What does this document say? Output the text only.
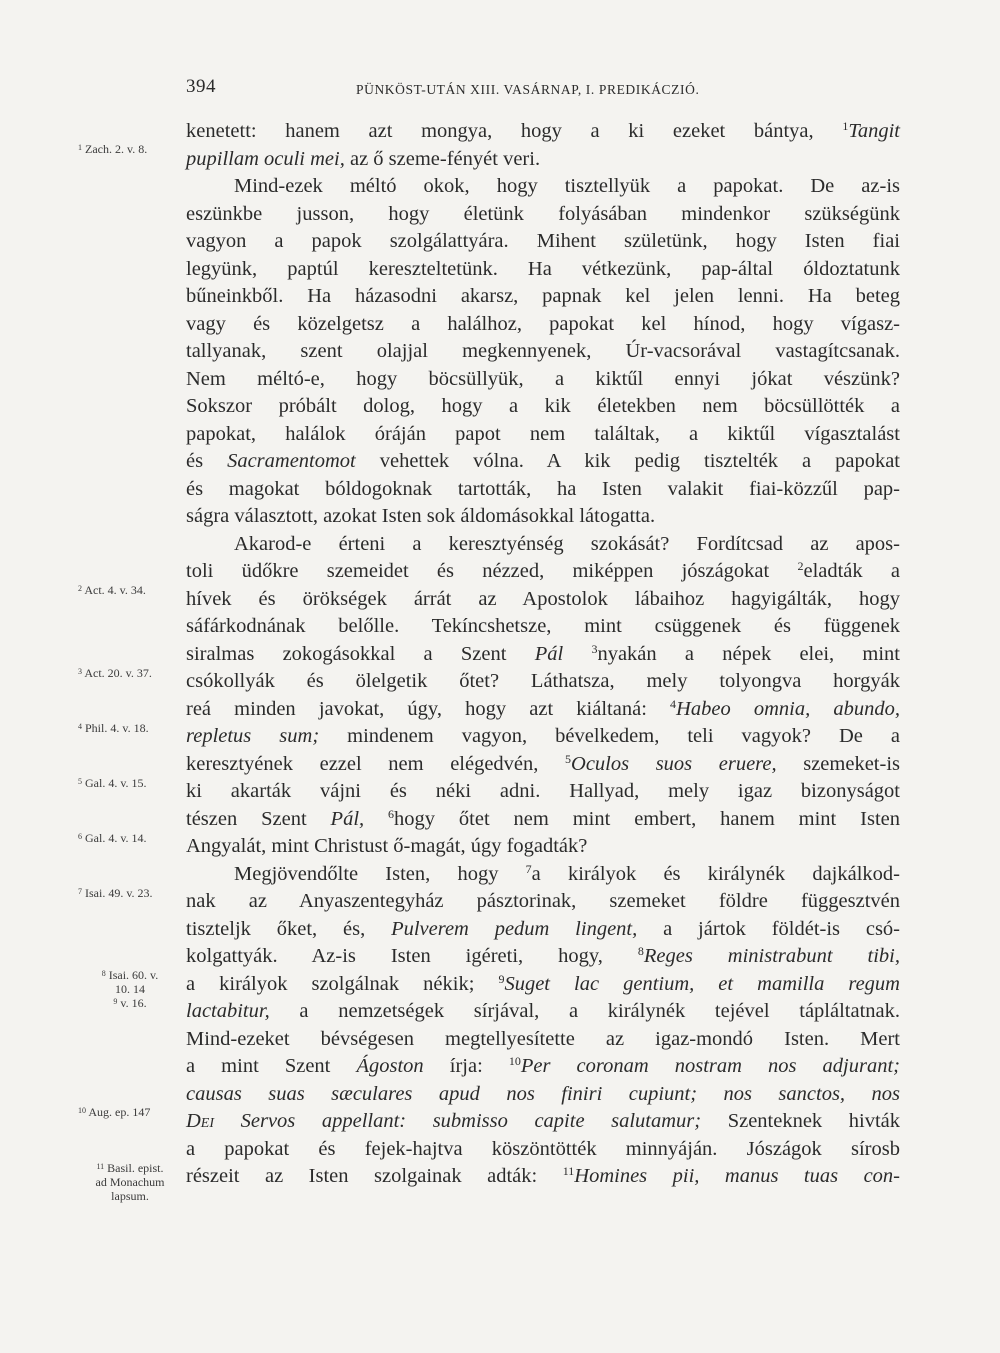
394	PÜNKÖST-UTÁN XIII. VASÁRNAP, I. PREDIKÁCZIÓ.
$^1$ Zach. 2. v. 8.
$^2$ Act. 4. v. 34.
$^3$ Act. 20. v. 37.
$^4$ Phil. 4. v. 18.
$^5$ Gal. 4. v. 15.
$^6$ Gal. 4. v. 14.
$^7$ Isai. 49. v. 23.
$^8$ Isai. 60. v.
10. 14
$^9$ v. 16.
$^{10}$ Aug. ep. 147
$^{11}$ Basil. epist.
ad Monachum
lapsum.
kenetett: hanem azt mongya, hogy a ki ezeket bántya, $^1$Tangit
pupillam oculi mei, az ő szeme-fényét veri.
Mind-ezek méltó okok, hogy tisztellyük a papokat. De az-is
eszünkbe jusson, hogy életünk folyásában mindenkor szükségünk
vagyon a papok szolgálattyára. Mihent születünk, hogy Isten fiai
legyünk, paptúl kereszteltetünk. Ha vétkezünk, pap-által óldoztatunk
bűneinkből. Ha házasodni akarsz, papnak kel jelen lenni. Ha beteg
vagy és közelgetsz a halálhoz, papokat kel hínod, hogy vígasz-
tallyanak, szent olajjal megkennyenek, Úr-vacsorával vastagítcsanak.
Nem méltó-e, hogy böcsüllyük, a kiktűl ennyi jókat vészünk?
Sokszor próbált dolog, hogy a kik életekben nem böcsüllötték a
papokat, halálok óráján papot nem találtak, a kiktűl vígasztalást
és Sacramentomot vehettek vólna. A kik pedig tisztelték a papokat
és magokat bóldogoknak tartották, ha Isten valakit fiai-közzűl pap-
ságra választott, azokat Isten sok áldomásokkal látogatta.
Akarod-e érteni a keresztyénség szokását? Fordítcsad az apos-
toli üdőkre szemeidet és nézzed, miképpen jószágokat $^2$eladták a
hívek és örökségek árrát az Apostolok lábaihoz hagyigálták, hogy
sáfárkodnának belőlle. Tekíncshetsze, mint csüggenek és függenek
siralmas zokogásokkal a Szent Pál $^3$nyakán a népek elei, mint
csókollyák és ölelgetik őtet? Láthatsza, mely tolyongva horgyák
reá minden javokat, úgy, hogy azt kiáltaná: $^4$Habeo omnia, abundo,
repletus sum; mindenem vagyon, bévelkedem, teli vagyok? De a
keresztyének ezzel nem elégedvén, $^5$Oculos suos eruere, szemeket-is
ki akarták vájni és néki adni. Hallyad, mely igaz bizonyságot
tészen Szent Pál, $^6$hogy őtet nem mint embert, hanem mint Isten
Angyalát, mint Christust ő-magát, úgy fogadták?
Megjövendőlte Isten, hogy $^7$a királyok és királynék dajkálkod-
nak az Anyaszentegyház pásztorinak, szemeket földre függesztvén
tiszteljk őket, és, Pulverem pedum lingent, a jártok földét-is csó-
kolgattyák. Az-is Isten igéreti, hogy, $^8$Reges ministrabunt tibi,
a királyok szolgálnak nékik; $^9$Suget lac gentium, et mamilla regum
lactabitur, a nemzetségek sírjával, a királynék tejével tápláltatnak.
Mind-ezeket bévségesen megtellyesítette az igaz-mondó Isten. Mert
a mint Szent Ágoston írja: $^{10}$Per coronam nostram nos adjurant;
causas suas sæculares apud nos finiri cupiunt; nos sanctos, nos
Dei Servos appellant: submisso capite salutamur; Szenteknek hivták
a papokat és fejek-hajtva köszöntötték minnyáján. Jószágok sírosb
részeit az Isten szolgainak adták: $^{11}$Homines pii, manus tuas con-
